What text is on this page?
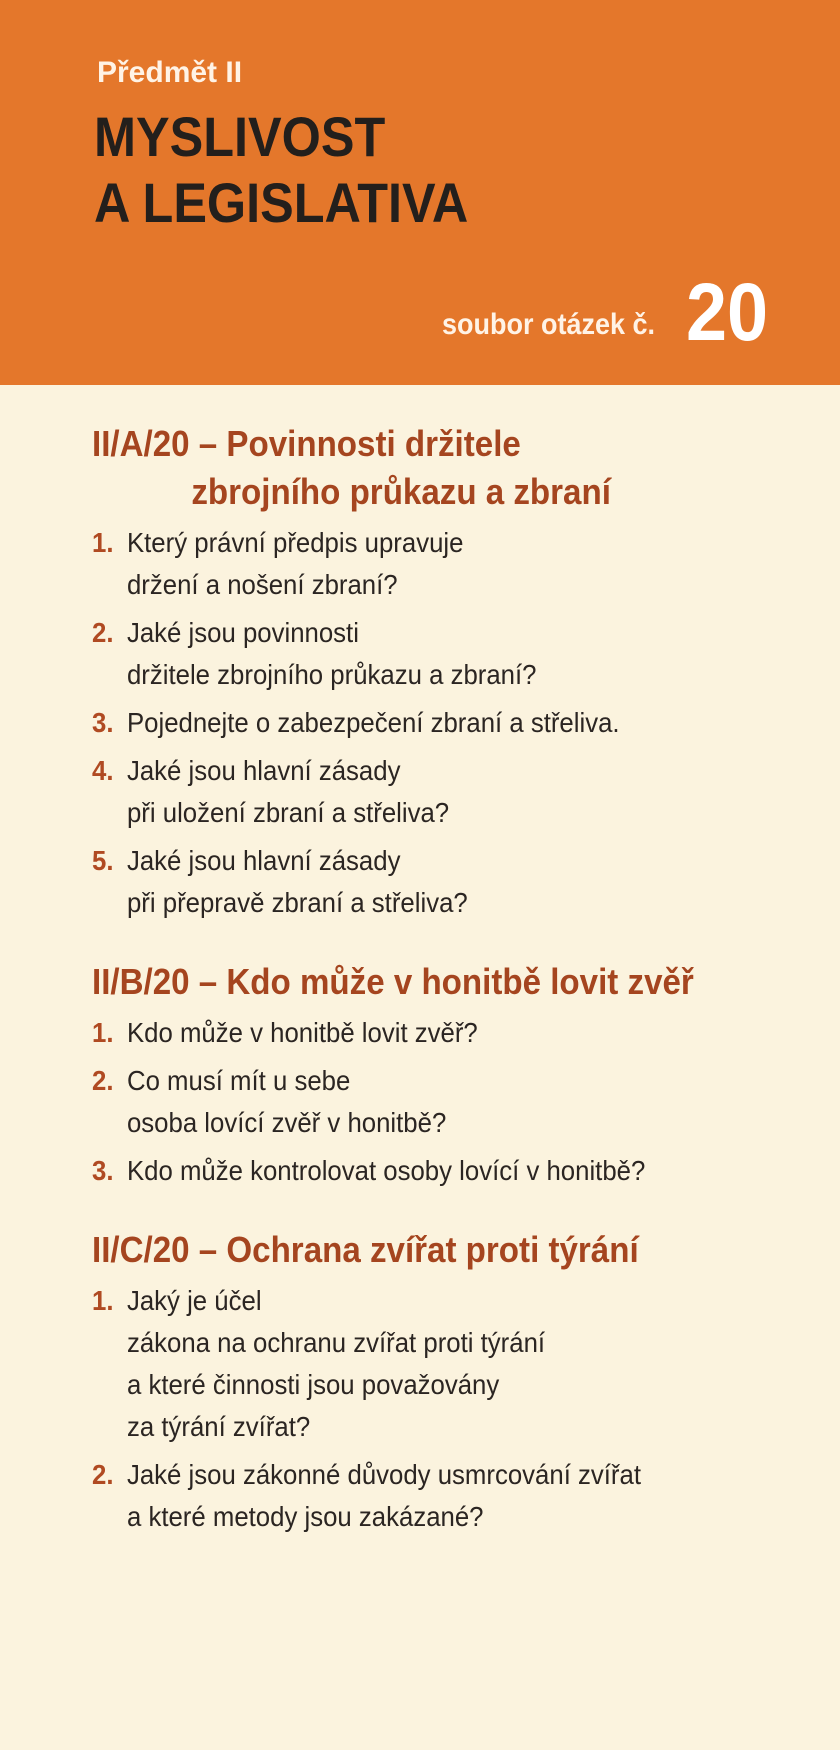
Předmět II
MYSLIVOST
A LEGISLATIVA
soubor otázek č. 20
II/A/20 – Povinnosti držitele
zbrojního průkazu a zbraní
1. Který právní předpis upravuje
držení a nošení zbraní?
2. Jaké jsou povinnosti
držitele zbrojního průkazu a zbraní?
3. Pojednejte o zabezpečení zbraní a střeliva.
4. Jaké jsou hlavní zásady
při uložení zbraní a střeliva?
5. Jaké jsou hlavní zásady
při přepravě zbraní a střeliva?
II/B/20 – Kdo může v honitbě lovit zvěř
1. Kdo může v honitbě lovit zvěř?
2. Co musí mít u sebe
osoba lovící zvěř v honitbě?
3. Kdo může kontrolovat osoby lovící v honitbě?
II/C/20 – Ochrana zvířat proti týrání
1. Jaký je účel
zákona na ochranu zvířat proti týrání
a které činnosti jsou považovány
za týrání zvířat?
2. Jaké jsou zákonné důvody usmrcování zvířat
a které metody jsou zakázané?
